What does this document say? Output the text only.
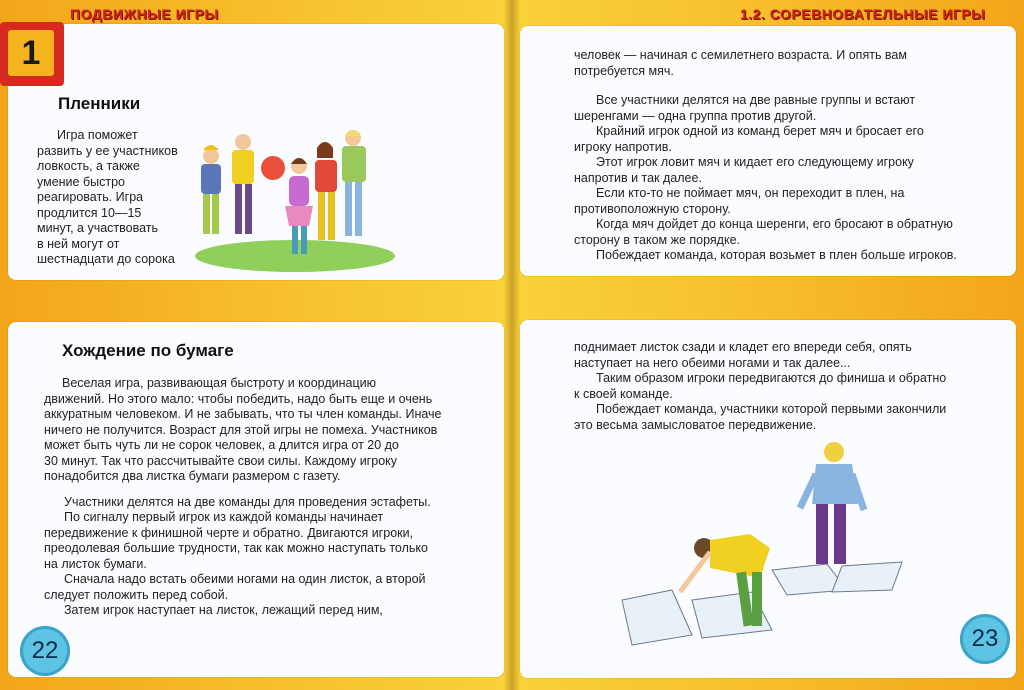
ПОДВИЖНЫЕ ИГРЫ
1
Пленники

Игра поможет

развить у ее участников

ловкость, а также

умение быстро

реагировать. Игра

продлится 10—15

минут, а участвовать

в ней могут от

шестнадцати до сорока

Хождение по бумаге

Веселая игра, развивающая быстроту и координацию

движений. Но этого мало: чтобы победить, надо быть еще и очень

аккуратным человеком. И не забывать, что ты член команды. Иначе

ничего не получится. Возраст для этой игры не помеха. Участников

может быть чуть ли не сорок человек, а длится игра от 20 до

30 минут. Так что рассчитывайте свои силы. Каждому игроку

понадобится два листка бумаги размером с газету.

Участники делятся на две команды для проведения эстафеты.

По сигналу первый игрок из каждой команды начинает

передвижение к финишной черте и обратно. Двигаются игроки,

преодолевая большие трудности, так как можно наступать только

на листок бумаги.

Сначала надо встать обеими ногами на один листок, а второй

следует положить перед собой.

Затем игрок наступает на листок, лежащий перед ним,

22
1.2. СОРЕВНОВАТЕЛЬНЫЕ ИГРЫ

человек — начиная с семилетнего возраста. И опять вам

потребуется мяч.

Все участники делятся на две равные группы и встают

шеренгами — одна группа против другой.

Крайний игрок одной из команд берет мяч и бросает его

игроку напротив.

Этот игрок ловит мяч и кидает его следующему игроку

напротив и так далее.

Если кто-то не поймает мяч, он переходит в плен, на

противоположную сторону.

Когда мяч дойдет до конца шеренги, его бросают в обратную

сторону в таком же порядке.

Побеждает команда, которая возьмет в плен больше игроков.

поднимает листок сзади и кладет его впереди себя, опять

наступает на него обеими ногами и так далее...

Таким образом игроки передвигаются до финиша и обратно

к своей команде.

Побеждает команда, участники которой первыми закончили

это весьма замысловатое передвижение.

23
